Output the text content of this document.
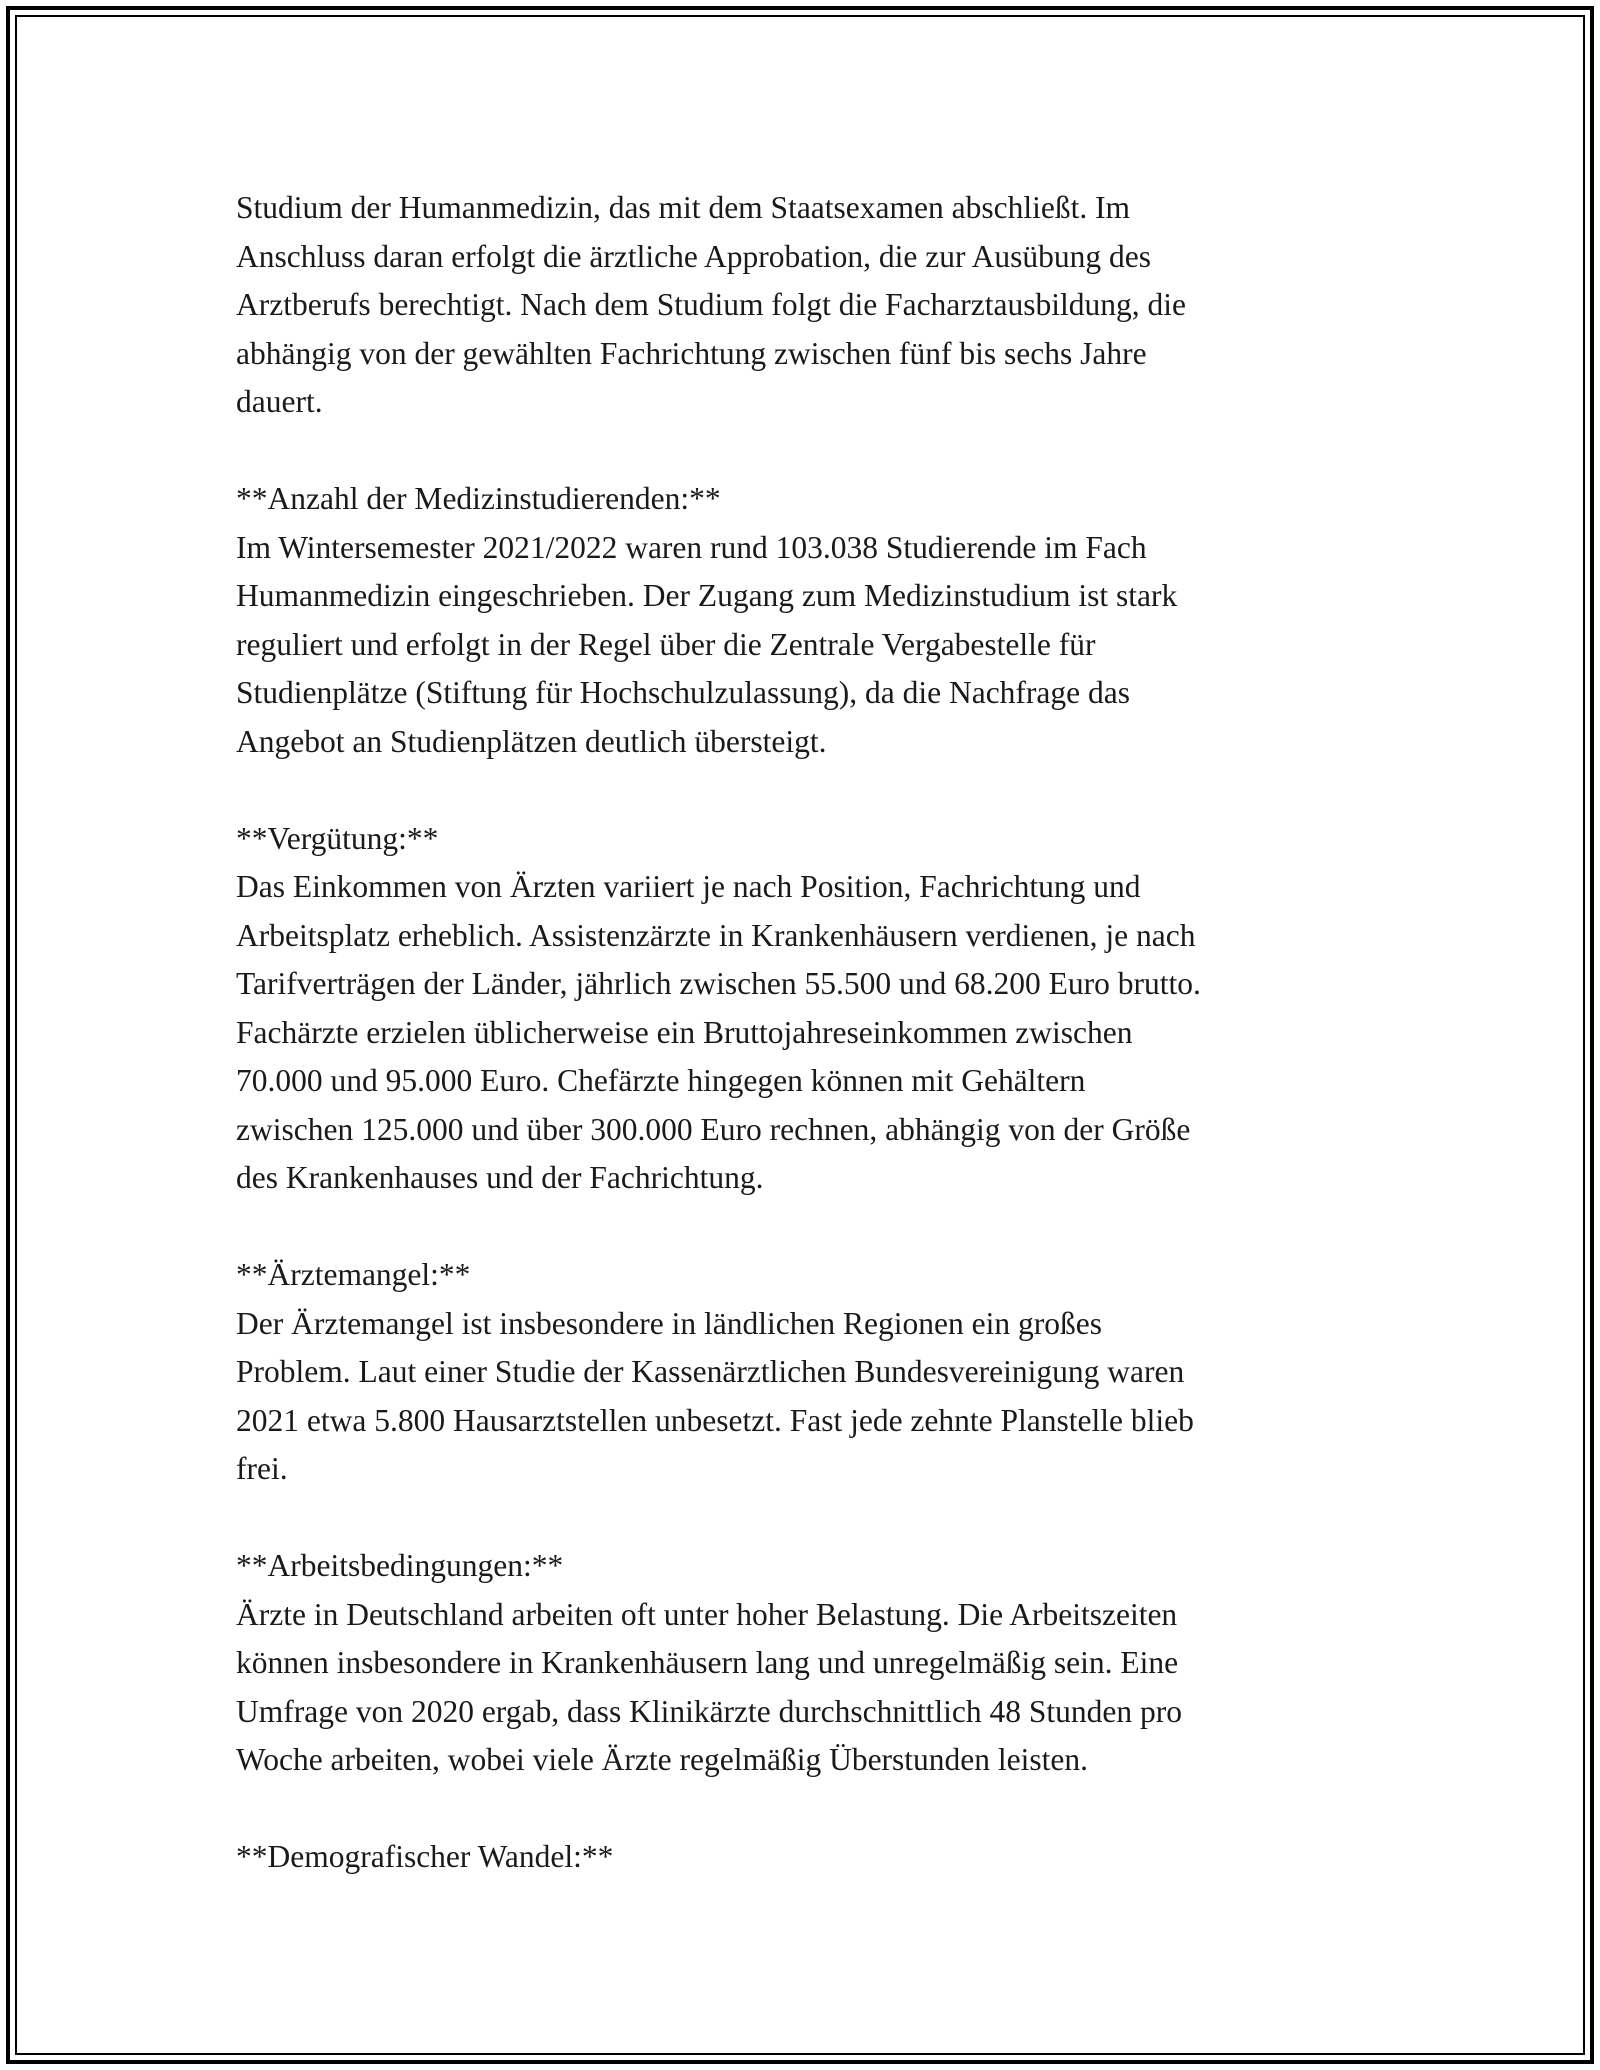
Studium der Humanmedizin, das mit dem Staatsexamen abschließt. Im
Anschluss daran erfolgt die ärztliche Approbation, die zur Ausübung des
Arztberufs berechtigt. Nach dem Studium folgt die Facharztausbildung, die
abhängig von der gewählten Fachrichtung zwischen fünf bis sechs Jahre
dauert.

**Anzahl der Medizinstudierenden:**
Im Wintersemester 2021/2022 waren rund 103.038 Studierende im Fach
Humanmedizin eingeschrieben. Der Zugang zum Medizinstudium ist stark
reguliert und erfolgt in der Regel über die Zentrale Vergabestelle für
Studienplätze (Stiftung für Hochschulzulassung), da die Nachfrage das
Angebot an Studienplätzen deutlich übersteigt.

**Vergütung:**
Das Einkommen von Ärzten variiert je nach Position, Fachrichtung und
Arbeitsplatz erheblich. Assistenzärzte in Krankenhäusern verdienen, je nach
Tarifverträgen der Länder, jährlich zwischen 55.500 und 68.200 Euro brutto.
Fachärzte erzielen üblicherweise ein Bruttojahreseinkommen zwischen
70.000 und 95.000 Euro. Chefärzte hingegen können mit Gehältern
zwischen 125.000 und über 300.000 Euro rechnen, abhängig von der Größe
des Krankenhauses und der Fachrichtung.

**Ärztemangel:**
Der Ärztemangel ist insbesondere in ländlichen Regionen ein großes
Problem. Laut einer Studie der Kassenärztlichen Bundesvereinigung waren
2021 etwa 5.800 Hausarztstellen unbesetzt. Fast jede zehnte Planstelle blieb
frei.

**Arbeitsbedingungen:**
Ärzte in Deutschland arbeiten oft unter hoher Belastung. Die Arbeitszeiten
können insbesondere in Krankenhäusern lang und unregelmäßig sein. Eine
Umfrage von 2020 ergab, dass Klinikärzte durchschnittlich 48 Stunden pro
Woche arbeiten, wobei viele Ärzte regelmäßig Überstunden leisten.

**Demografischer Wandel:**
